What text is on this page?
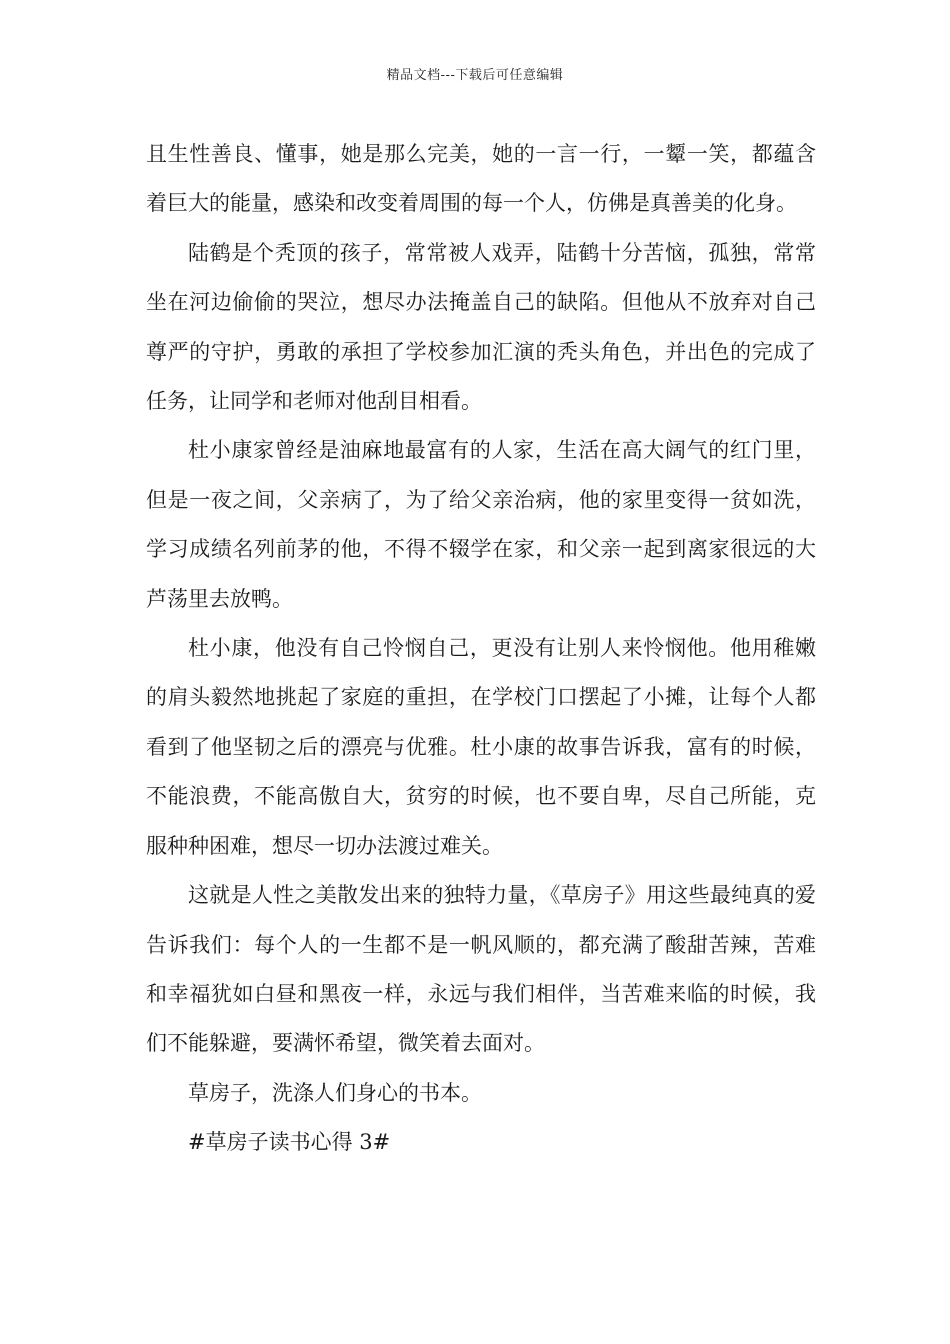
精品文档---下载后可任意编辑

且生性善良、懂事，她是那么完美，她的一言一行，一颦一笑，都蕴含着巨大的能量，感染和改变着周围的每一个人，仿佛是真善美的化身。

陆鹤是个秃顶的孩子，常常被人戏弄，陆鹤十分苦恼，孤独，常常坐在河边偷偷的哭泣，想尽办法掩盖自己的缺陷。但他从不放弃对自己尊严的守护，勇敢的承担了学校参加汇演的秃头角色，并出色的完成了任务，让同学和老师对他刮目相看。

杜小康家曾经是油麻地最富有的人家，生活在高大阔气的红门里，但是一夜之间，父亲病了，为了给父亲治病，他的家里变得一贫如洗，学习成绩名列前茅的他，不得不辍学在家，和父亲一起到离家很远的大芦荡里去放鸭。

杜小康，他没有自己怜悯自己，更没有让别人来怜悯他。他用稚嫩的肩头毅然地挑起了家庭的重担，在学校门口摆起了小摊，让每个人都看到了他坚韧之后的漂亮与优雅。杜小康的故事告诉我，富有的时候，不能浪费，不能高傲自大，贫穷的时候，也不要自卑，尽自己所能，克服种种困难，想尽一切办法渡过难关。

这就是人性之美散发出来的独特力量，《草房子》用这些最纯真的爱告诉我们：每个人的一生都不是一帆风顺的，都充满了酸甜苦辣，苦难和幸福犹如白昼和黑夜一样，永远与我们相伴，当苦难来临的时候，我们不能躲避，要满怀希望，微笑着去面对。

草房子，洗涤人们身心的书本。

#草房子读书心得 3#
